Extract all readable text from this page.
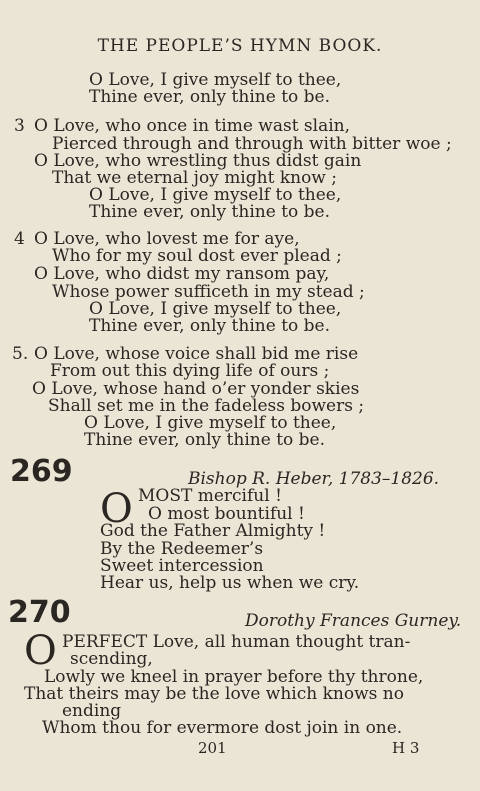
THE PEOPLE’S HYMN BOOK.
O Love, I give myself to thee,
Thine ever, only thine to be.
3 O Love, who once in time wast slain,
Pierced through and through with bitter woe ;
O Love, who wrestling thus didst gain
That we eternal joy might know ;
O Love, I give myself to thee,
Thine ever, only thine to be.
4 O Love, who lovest me for aye,
Who for my soul dost ever plead ;
O Love, who didst my ransom pay,
Whose power sufficeth in my stead ;
O Love, I give myself to thee,
Thine ever, only thine to be.
5. O Love, whose voice shall bid me rise
From out this dying life of ours ;
O Love, whose hand o’er yonder skies
Shall set me in the fadeless bowers ;
O Love, I give myself to thee,
Thine ever, only thine to be.
269	Bishop R. Heber, 1783–1826.
O MOST merciful !
O most bountiful !
God the Father Almighty !
By the Redeemer’s
Sweet intercession
Hear us, help us when we cry.
270	Dorothy Frances Gurney.
O PERFECT Love, all human thought tran-
scending,
Lowly we kneel in prayer before thy throne,
That theirs may be the love which knows no
ending
Whom thou for evermore dost join in one.
201	H 3
